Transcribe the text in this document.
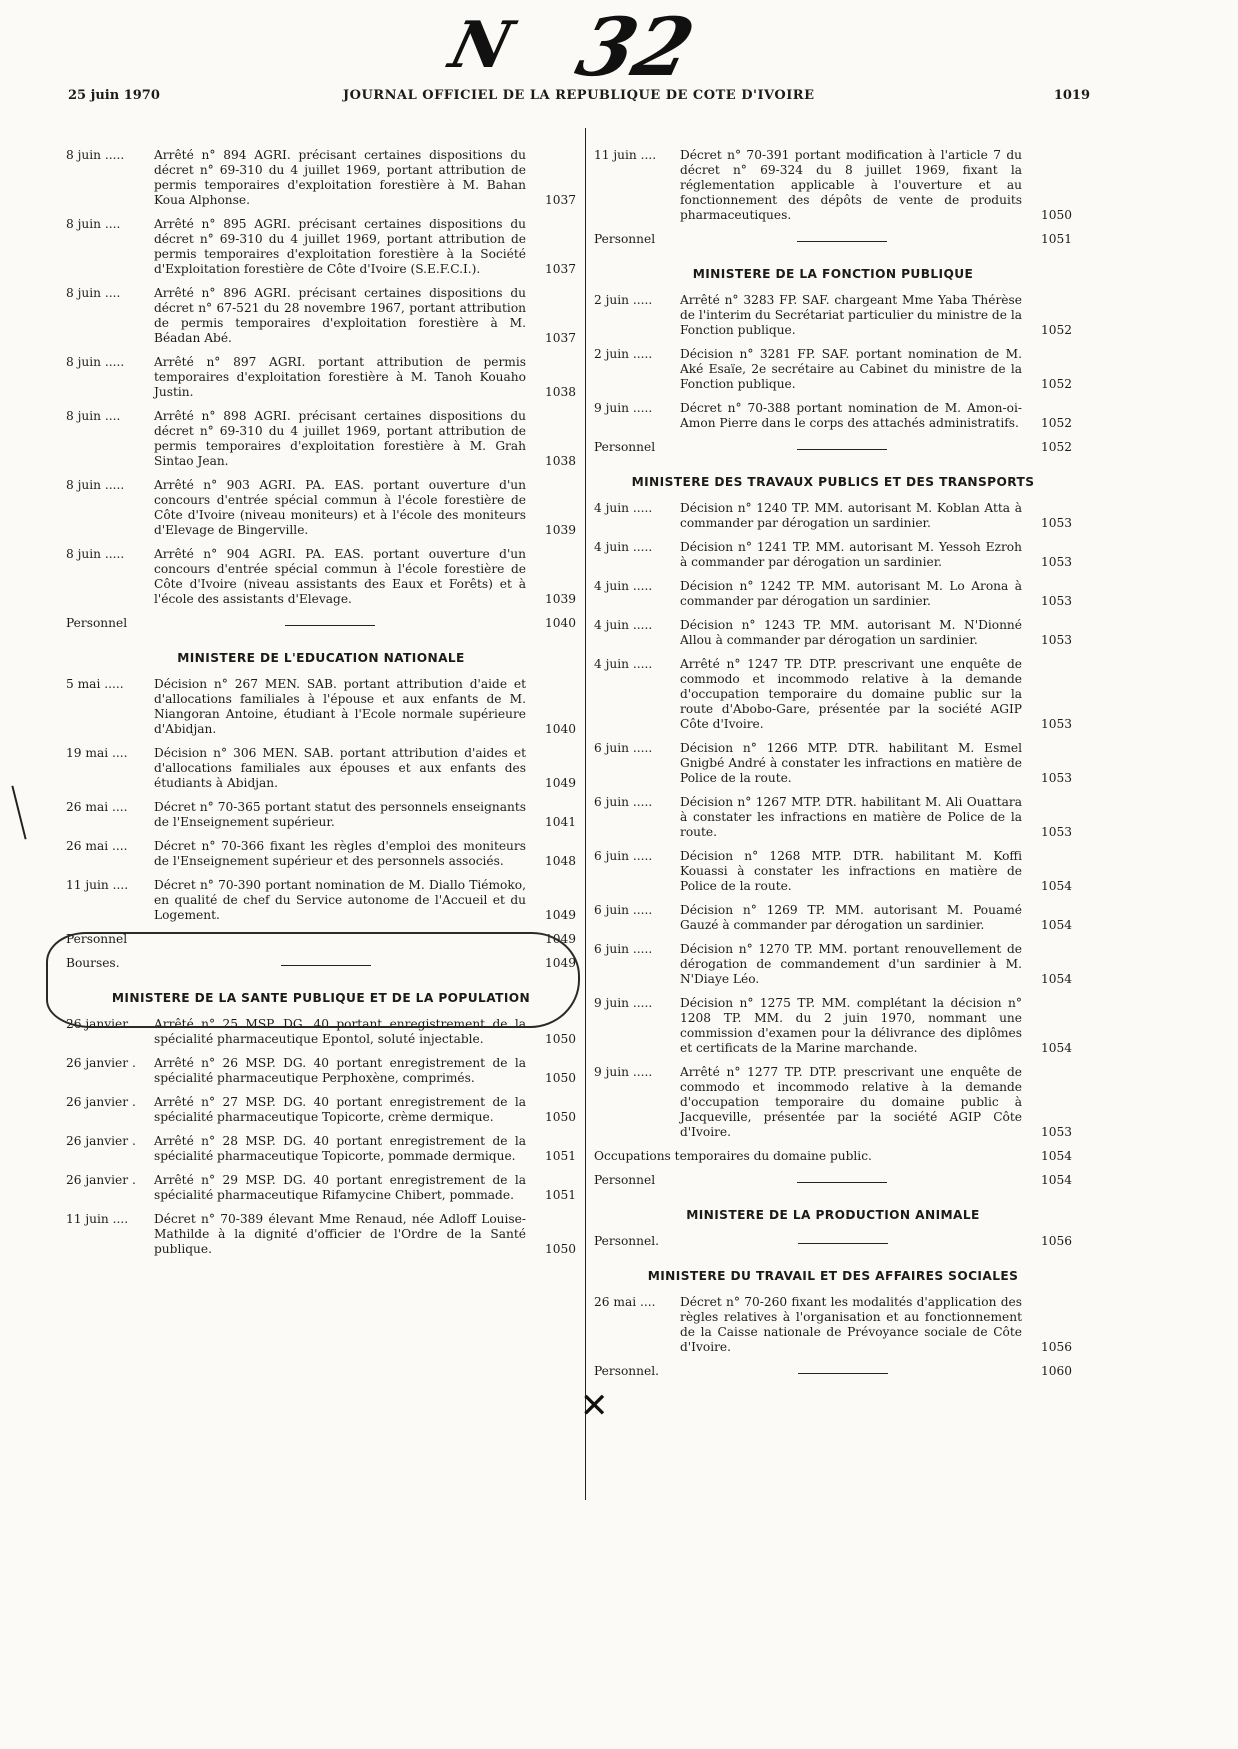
N 32
25 juin 1970	JOURNAL OFFICIEL DE LA REPUBLIQUE DE COTE D'IVOIRE	1019
8 juin .....	Arrêté n° 894 AGRI. précisant certaines dispositions du décret n° 69-310 du 4 juillet 1969, portant attribution de permis temporaires d'exploitation forestière à M. Bahan Koua Alphonse.	1037
8 juin ....	Arrêté n° 895 AGRI. précisant certaines dispositions du décret n° 69-310 du 4 juillet 1969, portant attribution de permis temporaires d'exploitation forestière à la Société d'Exploitation forestière de Côte d'Ivoire (S.E.F.C.I.).	1037
8 juin ....	Arrêté n° 896 AGRI. précisant certaines dispositions du décret n° 67-521 du 28 novembre 1967, portant attribution de permis temporaires d'exploitation forestière à M. Béadan Abé.	1037
8 juin .....	Arrêté n° 897 AGRI. portant attribution de permis temporaires d'exploitation forestière à M. Tanoh Kouaho Justin.	1038
8 juin ....	Arrêté n° 898 AGRI. précisant certaines dispositions du décret n° 69-310 du 4 juillet 1969, portant attribution de permis temporaires d'exploitation forestière à M. Grah Sintao Jean.	1038
8 juin .....	Arrêté n° 903 AGRI. PA. EAS. portant ouverture d'un concours d'entrée spécial commun à l'école forestière de Côte d'Ivoire (niveau moniteurs) et à l'école des moniteurs d'Elevage de Bingerville.	1039
8 juin .....	Arrêté n° 904 AGRI. PA. EAS. portant ouverture d'un concours d'entrée spécial commun à l'école forestière de Côte d'Ivoire (niveau assistants des Eaux et Forêts) et à l'école des assistants d'Elevage.	1039
Personnel	1040
MINISTERE DE L'EDUCATION NATIONALE
5 mai .....	Décision n° 267 MEN. SAB. portant attribution d'aide et d'allocations familiales à l'épouse et aux enfants de M. Niangoran Antoine, étudiant à l'Ecole normale supérieure d'Abidjan.	1040
19 mai ....	Décision n° 306 MEN. SAB. portant attribution d'aides et d'allocations familiales aux épouses et aux enfants des étudiants à Abidjan.	1049
26 mai ....	Décret n° 70-365 portant statut des personnels enseignants de l'Enseignement supérieur.	1041
26 mai ....	Décret n° 70-366 fixant les règles d'emploi des moniteurs de l'Enseignement supérieur et des personnels associés.	1048
11 juin ....	Décret n° 70-390 portant nomination de M. Diallo Tiémoko, en qualité de chef du Service autonome de l'Accueil et du Logement.	1049
Personnel	1049
Bourses.	1049
MINISTERE DE LA SANTE PUBLIQUE ET DE LA POPULATION
26 janvier .	Arrêté n° 25 MSP. DG. 40 portant enregistrement de la spécialité pharmaceutique Epontol, soluté injectable.	1050
26 janvier .	Arrêté n° 26 MSP. DG. 40 portant enregistrement de la spécialité pharmaceutique Perphoxène, comprimés.	1050
26 janvier .	Arrêté n° 27 MSP. DG. 40 portant enregistrement de la spécialité pharmaceutique Topicorte, crème dermique.	1050
26 janvier .	Arrêté n° 28 MSP. DG. 40 portant enregistrement de la spécialité pharmaceutique Topicorte, pommade dermique.	1051
26 janvier .	Arrêté n° 29 MSP. DG. 40 portant enregistrement de la spécialité pharmaceutique Rifamycine Chibert, pommade.	1051
11 juin ....	Décret n° 70-389 élevant Mme Renaud, née Adloff Louise-Mathilde à la dignité d'officier de l'Ordre de la Santé publique.	1050
11 juin ....	Décret n° 70-391 portant modification à l'article 7 du décret n° 69-324 du 8 juillet 1969, fixant la réglementation applicable à l'ouverture et au fonctionnement des dépôts de vente de produits pharmaceutiques.	1050
Personnel	1051
MINISTERE DE LA FONCTION PUBLIQUE
2 juin .....	Arrêté n° 3283 FP. SAF. chargeant Mme Yaba Thérèse de l'interim du Secrétariat particulier du ministre de la Fonction publique.	1052
2 juin .....	Décision n° 3281 FP. SAF. portant nomination de M. Aké Esaïe, 2e secrétaire au Cabinet du ministre de la Fonction publique.	1052
9 juin .....	Décret n° 70-388 portant nomination de M. Amon-oi-Amon Pierre dans le corps des attachés administratifs.	1052
Personnel	1052
MINISTERE DES TRAVAUX PUBLICS ET DES TRANSPORTS
4 juin .....	Décision n° 1240 TP. MM. autorisant M. Koblan Atta à commander par dérogation un sardinier.	1053
4 juin .....	Décision n° 1241 TP. MM. autorisant M. Yessoh Ezroh à commander par dérogation un sardinier.	1053
4 juin .....	Décision n° 1242 TP. MM. autorisant M. Lo Arona à commander par dérogation un sardinier.	1053
4 juin .....	Décision n° 1243 TP. MM. autorisant M. N'Dionné Allou à commander par dérogation un sardinier.	1053
4 juin .....	Arrêté n° 1247 TP. DTP. prescrivant une enquête de commodo et incommodo relative à la demande d'occupation temporaire du domaine public sur la route d'Abobo-Gare, présentée par la société AGIP Côte d'Ivoire.	1053
6 juin .....	Décision n° 1266 MTP. DTR. habilitant M. Esmel Gnigbé André à constater les infractions en matière de Police de la route.	1053
6 juin .....	Décision n° 1267 MTP. DTR. habilitant M. Ali Ouattara à constater les infractions en matière de Police de la route.	1053
6 juin .....	Décision n° 1268 MTP. DTR. habilitant M. Koffi Kouassi à constater les infractions en matière de Police de la route.	1054
6 juin .....	Décision n° 1269 TP. MM. autorisant M. Pouamé Gauzé à commander par dérogation un sardinier.	1054
6 juin .....	Décision n° 1270 TP. MM. portant renouvellement de dérogation de commandement d'un sardinier à M. N'Diaye Léo.	1054
9 juin .....	Décision n° 1275 TP. MM. complétant la décision n° 1208 TP. MM. du 2 juin 1970, nommant une commission d'examen pour la délivrance des diplômes et certificats de la Marine marchande.	1054
9 juin .....	Arrêté n° 1277 TP. DTP. prescrivant une enquête de commodo et incommodo relative à la demande d'occupation temporaire du domaine public à Jacqueville, présentée par la société AGIP Côte d'Ivoire.	1053
Occupations temporaires du domaine public.	1054
Personnel	1054
MINISTERE DE LA PRODUCTION ANIMALE
Personnel.	1056
MINISTERE DU TRAVAIL ET DES AFFAIRES SOCIALES
26 mai ....	Décret n° 70-260 fixant les modalités d'application des règles relatives à l'organisation et au fonctionnement de la Caisse nationale de Prévoyance sociale de Côte d'Ivoire.	1056
Personnel.	1060
✕
